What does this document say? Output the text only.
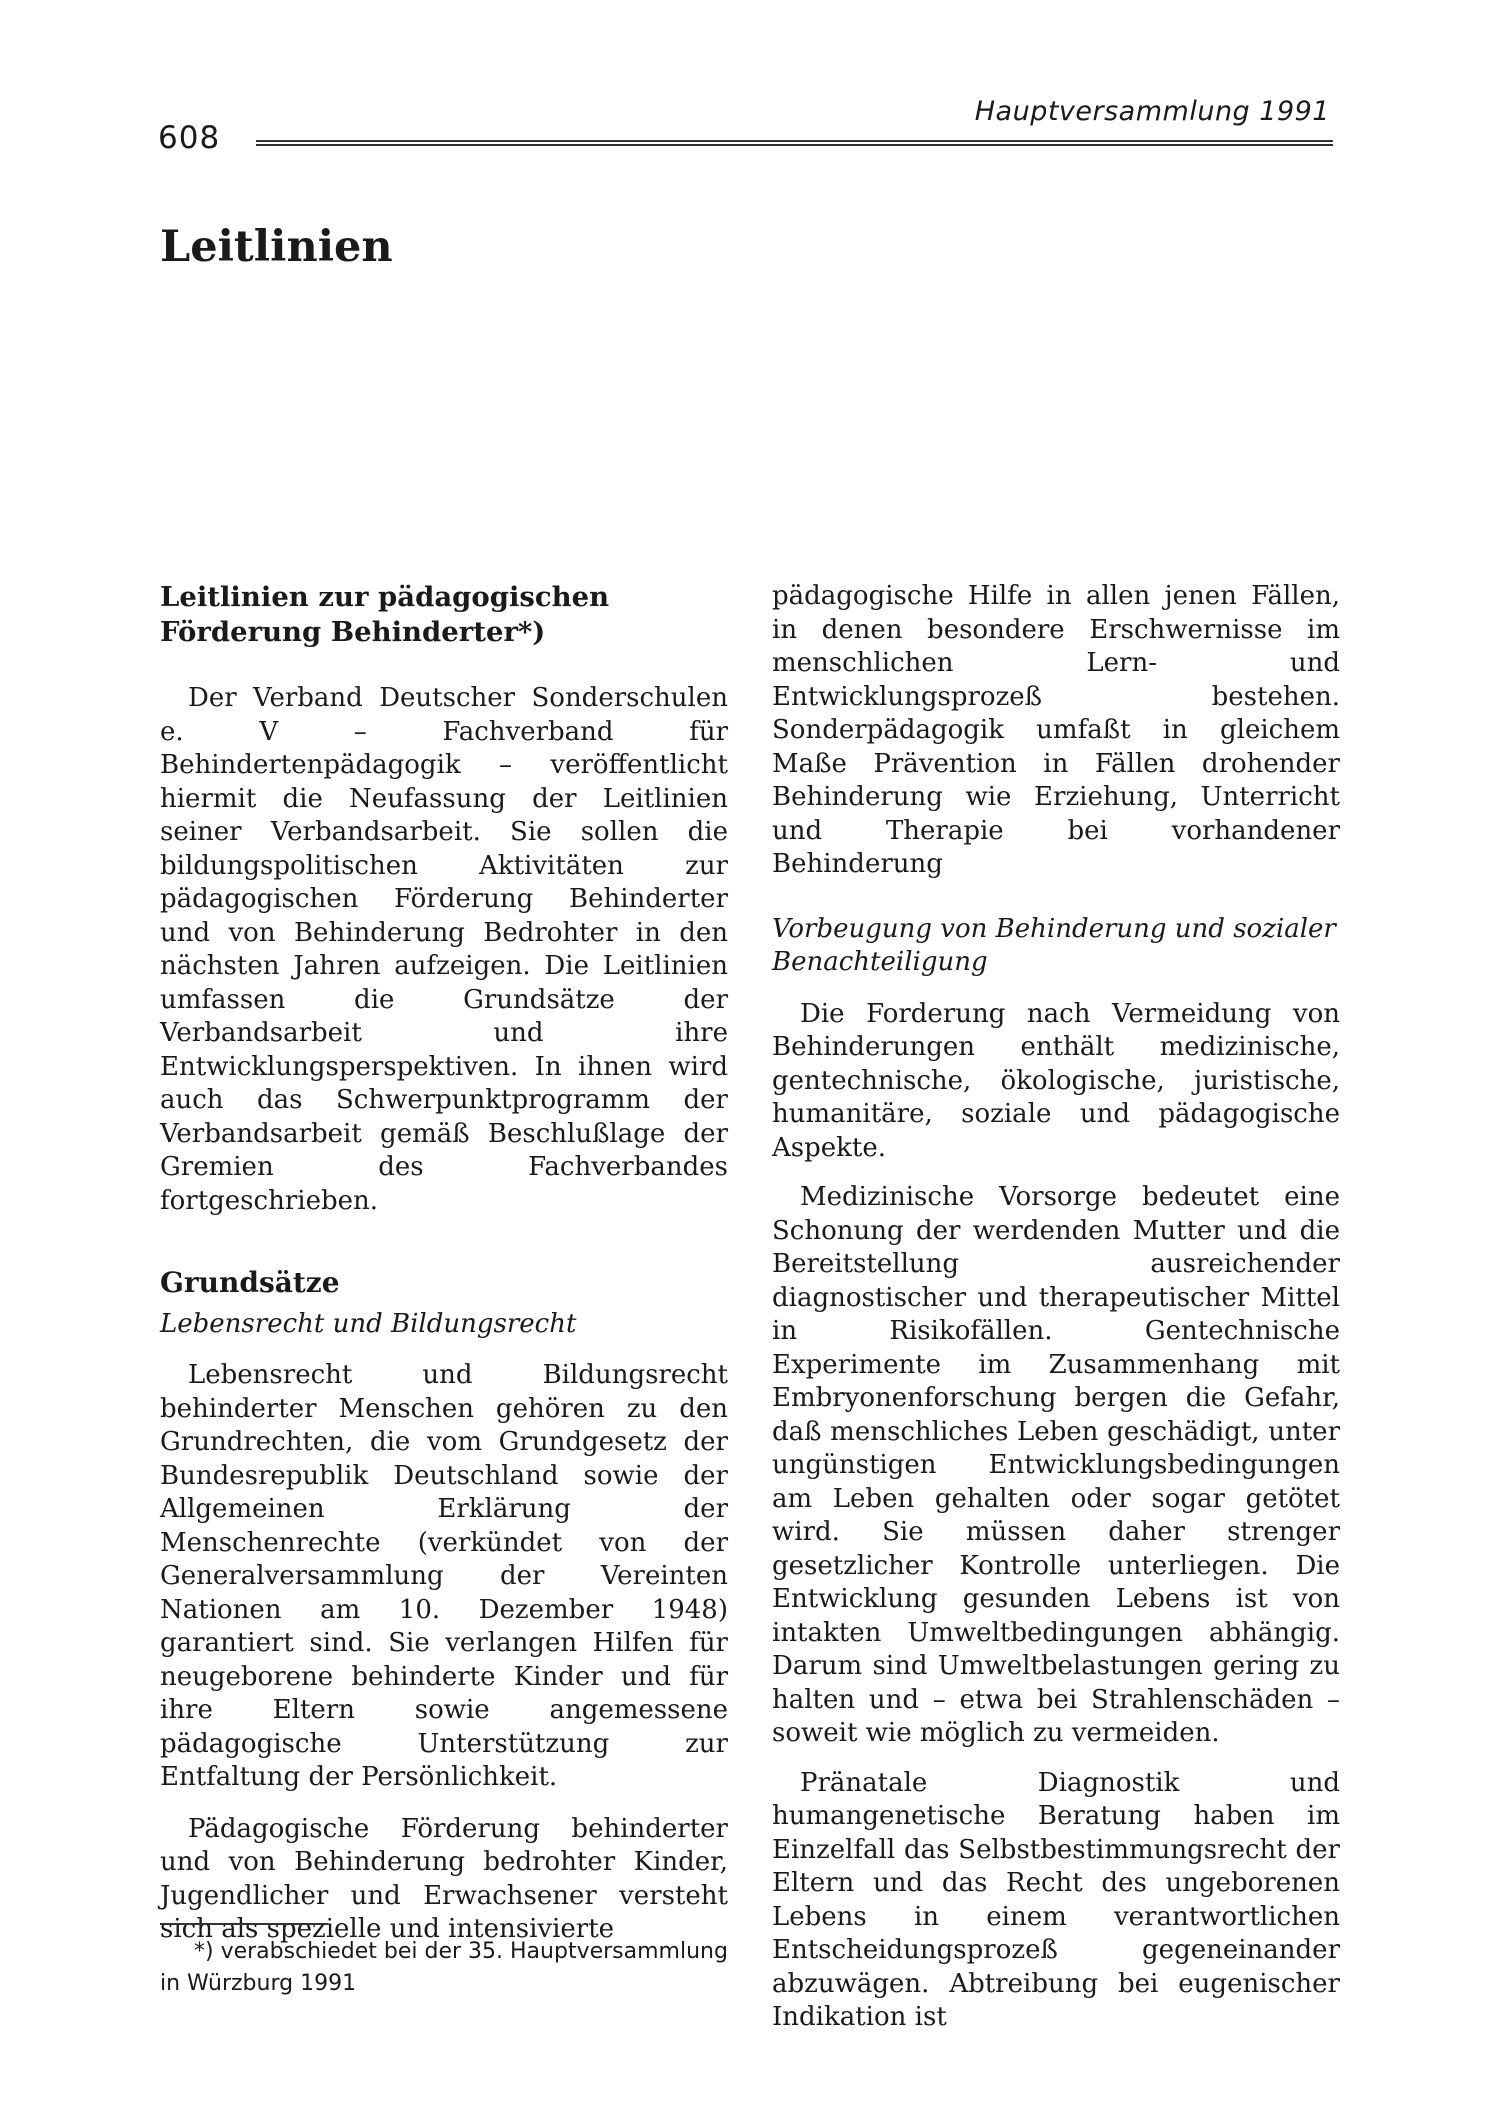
608
Hauptversammlung 1991
Leitlinien
Leitlinien zur pädagogischen Förderung Behinderter*)

Der Verband Deutscher Sonderschulen e. V – Fachverband für Behindertenpädagogik – veröffentlicht hiermit die Neufassung der Leitlinien seiner Verbandsarbeit. Sie sollen die bildungspolitischen Aktivitäten zur pädagogischen Förderung Behinderter und von Behinderung Bedrohter in den nächsten Jahren aufzeigen. Die Leitlinien umfassen die Grundsätze der Verbandsarbeit und ihre Entwicklungsperspektiven. In ihnen wird auch das Schwerpunktprogramm der Verbandsarbeit gemäß Beschlußlage der Gremien des Fachverbandes fortgeschrieben.

Grundsätze
Lebensrecht und Bildungsrecht

Lebensrecht und Bildungsrecht behinderter Menschen gehören zu den Grundrechten, die vom Grundgesetz der Bundesrepublik Deutschland sowie der Allgemeinen Erklärung der Menschenrechte (verkündet von der Generalversammlung der Vereinten Nationen am 10. Dezember 1948) garantiert sind. Sie verlangen Hilfen für neugeborene behinderte Kinder und für ihre Eltern sowie angemessene pädagogische Unterstützung zur Entfaltung der Persönlichkeit.

Pädagogische Förderung behinderter und von Behinderung bedrohter Kinder, Jugendlicher und Erwachsener versteht sich als spezielle und intensivierte

pädagogische Hilfe in allen jenen Fällen, in denen besondere Erschwernisse im menschlichen Lern- und Entwicklungsprozeß bestehen. Sonderpädagogik umfaßt in gleichem Maße Prävention in Fällen drohender Behinderung wie Erziehung, Unterricht und Therapie bei vorhandener Behinderung

Vorbeugung von Behinderung und sozialer Benachteiligung

Die Forderung nach Vermeidung von Behinderungen enthält medizinische, gentechnische, ökologische, juristische, humanitäre, soziale und pädagogische Aspekte.

Medizinische Vorsorge bedeutet eine Schonung der werdenden Mutter und die Bereitstellung ausreichender diagnostischer und therapeutischer Mittel in Risikofällen. Gentechnische Experimente im Zusammenhang mit Embryonenforschung bergen die Gefahr, daß menschliches Leben geschädigt, unter ungünstigen Entwicklungsbedingungen am Leben gehalten oder sogar getötet wird. Sie müssen daher strenger gesetzlicher Kontrolle unterliegen. Die Entwicklung gesunden Lebens ist von intakten Umweltbedingungen abhängig. Darum sind Umweltbelastungen gering zu halten und – etwa bei Strahlenschäden – soweit wie möglich zu vermeiden.

Pränatale Diagnostik und humangenetische Beratung haben im Einzelfall das Selbstbestimmungsrecht der Eltern und das Recht des ungeborenen Lebens in einem verantwortlichen Entscheidungsprozeß gegeneinander abzuwägen. Abtreibung bei eugenischer Indikation ist

*) verabschiedet bei der 35. Hauptversammlung in Würzburg 1991
